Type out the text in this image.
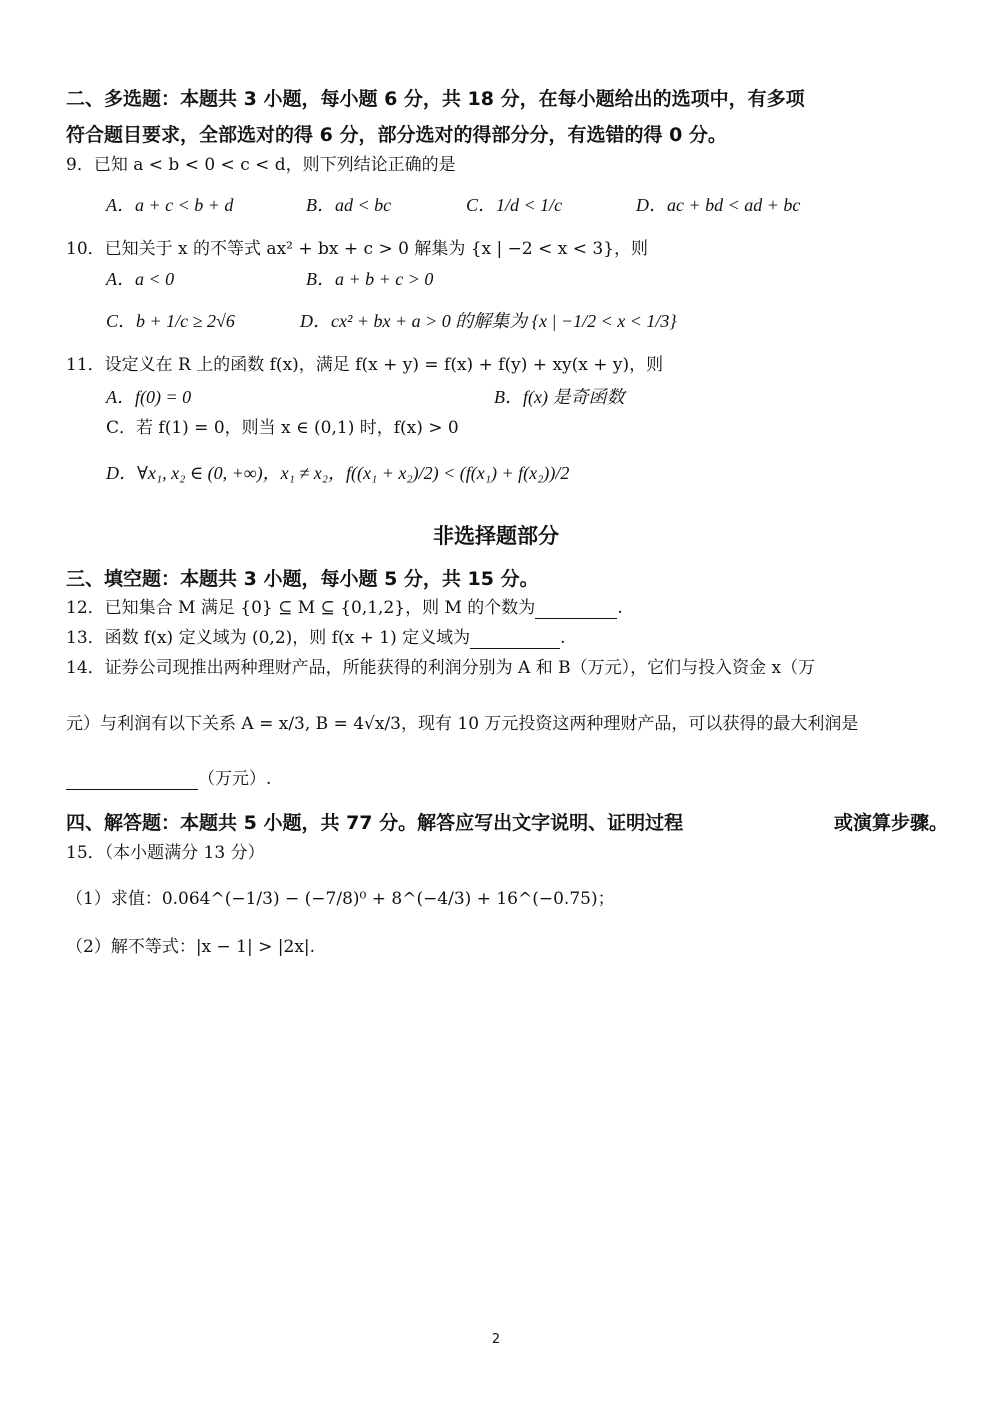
二、多选题：本题共 3 小题，每小题 6 分，共 18 分，在每小题给出的选项中，有多项
符合题目要求，全部选对的得 6 分，部分选对的得部分分，有选错的得 0 分。
9．已知 a < b < 0 < c < d，则下列结论正确的是
A．a + c < b + d	B．ad < bc	C．1/d < 1/c	D．ac + bd < ad + bc
10．已知关于 x 的不等式 ax² + bx + c > 0 解集为 {x | −2 < x < 3}，则
A．a < 0	B．a + b + c > 0
C．b + 1/c ≥ 2√6	D．cx² + bx + a > 0 的解集为 {x | −1/2 < x < 1/3}
11．设定义在 R 上的函数 f(x)，满足 f(x + y) = f(x) + f(y) + xy(x + y)，则
A．f(0) = 0	B．f(x) 是奇函数
C．若 f(1) = 0，则当 x ∈ (0,1) 时，f(x) > 0
D．∀x₁, x₂ ∈ (0, +∞)，x₁ ≠ x₂，f((x₁ + x₂)/2) < (f(x₁) + f(x₂))/2
非选择题部分
三、填空题：本题共 3 小题，每小题 5 分，共 15 分。
12．已知集合 M 满足 {0} ⊆ M ⊆ {0,1,2}，则 M 的个数为	.
13．函数 f(x) 定义域为 (0,2)，则 f(x + 1) 定义域为	.
14．证券公司现推出两种理财产品，所能获得的利润分别为 A 和 B（万元），它们与投入资金 x（万
元）与利润有以下关系 A = x/3, B = 4√x/3，现有 10 万元投资这两种理财产品，可以获得的最大利润是
（万元）.
四、解答题：本题共 5 小题，共 77 分。解答应写出文字说明、证明过程	或演算步骤。
15．（本小题满分 13 分）
（1）求值：0.064^(−1/3) − (−7/8)⁰ + 8^(−4/3) + 16^(−0.75)；
（2）解不等式：|x − 1| > |2x|.
2
